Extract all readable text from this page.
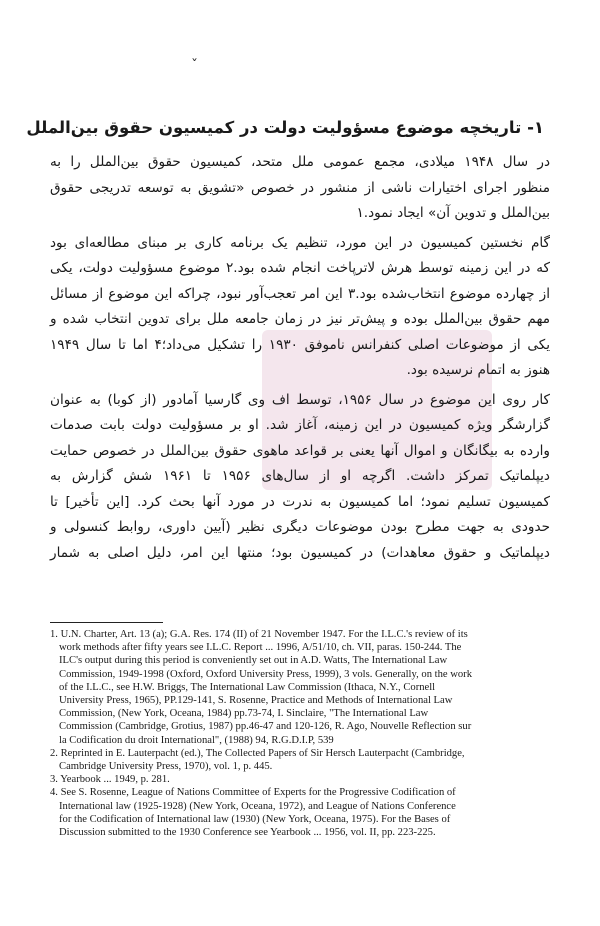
ˇ
۱- تاریخچه موضوع مسؤولیت دولت در کمیسیون حقوق بین‌الملل
در سال ۱۹۴۸ میلادی، مجمع عمومی ملل متحد، کمیسیون حقوق بین‌الملل را به
منظور اجرای اختیارات ناشی از منشور در خصوص «تشویق به توسعه تدریجی حقوق
بین‌الملل و تدوین آن» ایجاد نمود.۱
گام نخستین کمیسیون در این مورد، تنظیم یک برنامه کاری بر مبنای مطالعه‌ای بود
که در این زمینه توسط هرش لاترپاخت انجام شده بود.۲ موضوع مسؤولیت دولت، یکی
از چهارده موضوع انتخاب‌شده بود.۳ این امر تعجب‌آور نبود، چراکه این موضوع از مسائل
مهم حقوق بین‌الملل بوده و پیش‌تر نیز در زمان جامعه ملل برای تدوین انتخاب شده و
یکی از موضوعات اصلی کنفرانس ناموفق ۱۹۳۰ را تشکیل می‌داد؛۴ اما تا سال ۱۹۴۹
هنوز به اتمام نرسیده بود.
کار روی این موضوع در سال ۱۹۵۶، توسط اف وی گارسیا آمادور (از کوبا) به عنوان
گزارشگر ویژه کمیسیون در این زمینه، آغاز شد. او بر مسؤولیت دولت بابت صدمات
وارده به بیگانگان و اموال آنها یعنی بر قواعد ماهوی حقوق بین‌الملل در خصوص حمایت
دیپلماتیک تمرکز داشت. اگرچه او از سال‌های ۱۹۵۶ تا ۱۹۶۱ شش گزارش به
کمیسیون تسلیم نمود؛ اما کمیسیون به ندرت در مورد آنها بحث کرد. [این تأخیر] تا
حدودی به جهت مطرح بودن موضوعات دیگری نظیر (آیین داوری، روابط کنسولی و
دیپلماتیک و حقوق معاهدات) در کمیسیون بود؛ منتها این امر، دلیل اصلی به شمار
1. U.N. Charter, Art. 13 (a); G.A. Res. 174 (II) of 21 November 1947. For the I.L.C.'s review of its
work methods after fifty years see I.L.C. Report ... 1996, A/51/10, ch. VII, paras. 150-244. The
ILC's output during this period is conveniently set out in A.D. Watts, The International Law
Commission, 1949-1998 (Oxford, Oxford University Press, 1999), 3 vols. Generally, on the work
of the I.L.C., see H.W. Briggs, The International Law Commission (Ithaca, N.Y., Cornell
University Press, 1965), PP.129-141, S. Rosenne, Practice and Methods of International Law
Commission, (New York, Oceana, 1984) pp.73-74, I. Sinclaire, "The International Law
Commission (Cambridge, Grotius, 1987) pp.46-47 and 120-126, R. Ago, Nouvelle Reflection sur
la Codification du droit International", (1988) 94, R.G.D.I.P, 539
2. Reprinted in E. Lauterpacht (ed.), The Collected Papers of Sir Hersch Lauterpacht (Cambridge,
Cambridge University Press, 1970), vol. 1, p. 445.
3. Yearbook ... 1949, p. 281.
4. See S. Rosenne, League of Nations Committee of Experts for the Progressive Codification of
International law (1925-1928) (New York, Oceana, 1972), and League of Nations Conference
for the Codification of International law (1930) (New York, Oceana, 1975). For the Bases of
Discussion submitted to the 1930 Conference see Yearbook ... 1956, vol. II, pp. 223-225.
